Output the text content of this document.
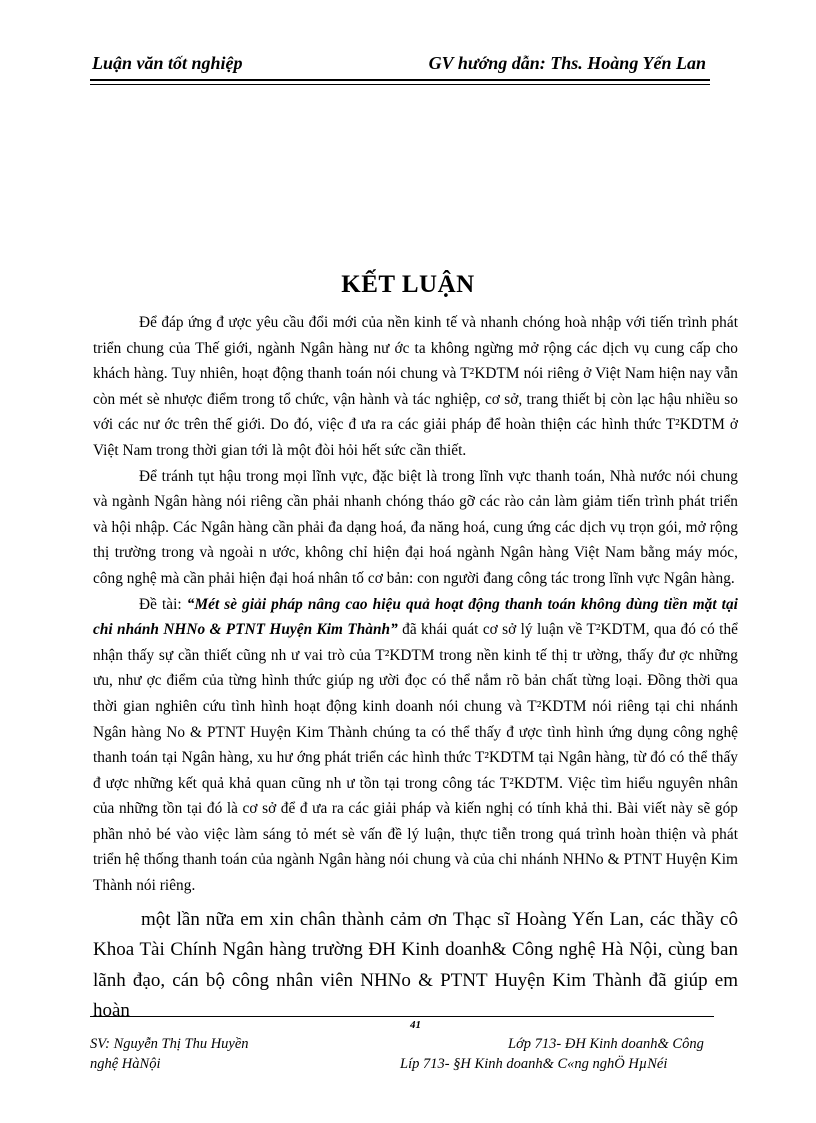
Luận văn tốt nghiệp	GV hướng dẫn: Ths. Hoàng Yến Lan
KẾT LUẬN

Để đáp ứng đ ược yêu cầu đổi mới của nền kinh tế và nhanh chóng hoà nhập với tiến trình phát triển chung của Thế giới, ngành Ngân hàng nư ớc ta không ngừng mở rộng các dịch vụ cung cấp cho khách hàng. Tuy nhiên, hoạt động thanh toán nói chung và T²KDTM nói riêng ở Việt Nam hiện nay vẫn còn mét sè nhược điểm trong tổ chức, vận hành và tác nghiệp, cơ sở, trang thiết bị còn lạc hậu nhiều so với các nư ớc trên thế giới. Do đó, việc đ ưa ra các giải pháp để hoàn thiện các hình thức T²KDTM ở Việt Nam trong thời gian tới là một đòi hỏi hết sức cần thiết.

Để tránh tụt hậu trong mọi lĩnh vực, đặc biệt là trong lĩnh vực thanh toán, Nhà nước nói chung và ngành Ngân hàng nói riêng cần phải nhanh chóng tháo gỡ các rào cản làm giảm tiến trình phát triển và hội nhập. Các Ngân hàng cần phải đa dạng hoá, đa năng hoá, cung ứng các dịch vụ trọn gói, mở rộng thị trường trong và ngoài n ước, không chỉ hiện đại hoá ngành Ngân hàng Việt Nam bằng máy móc, công nghệ mà cần phải hiện đại hoá nhân tố cơ bản: con người đang công tác trong lĩnh vực Ngân hàng.

Đề tài: “Mét sè giải pháp nâng cao hiệu quả hoạt động thanh toán không dùng tiền mặt tại chi nhánh NHNo & PTNT Huyện Kim Thành” đã khái quát cơ sở lý luận về T²KDTM, qua đó có thể nhận thấy sự cần thiết cũng nh ư vai trò của T²KDTM trong nền kinh tế thị tr ường, thấy đư ợc những ưu, như ợc điểm của từng hình thức giúp ng ười đọc có thể nắm rõ bản chất từng loại. Đồng thời qua thời gian nghiên cứu tình hình hoạt động kinh doanh nói chung và T²KDTM nói riêng tại chi nhánh Ngân hàng No & PTNT Huyện Kim Thành chúng ta có thể thấy đ ược tình hình ứng dụng công nghệ thanh toán tại Ngân hàng, xu hư ớng phát triển các hình thức T²KDTM tại Ngân hàng, từ đó có thể thấy đ ược những kết quả khả quan cũng nh ư tồn tại trong công tác T²KDTM. Việc tìm hiểu nguyên nhân của những tồn tại đó là cơ sở để đ ưa ra các giải pháp và kiến nghị có tính khả thi. Bài viết này sẽ góp phần nhỏ bé vào việc làm sáng tỏ mét sè vấn đề lý luận, thực tiễn trong quá trình hoàn thiện và phát triển hệ thống thanh toán của ngành Ngân hàng nói chung và của chi nhánh NHNo & PTNT Huyện Kim Thành nói riêng.

một lần nữa em xin chân thành cảm ơn Thạc sĩ Hoàng Yến Lan, các thầy cô Khoa Tài Chính Ngân hàng trường ĐH Kinh doanh& Công nghệ Hà Nội, cùng ban lãnh đạo, cán bộ công nhân viên NHNo & PTNT Huyện Kim Thành đã giúp em hoàn

41
SV: Nguyễn Thị Thu Huyền	Lớp 713- ĐH Kinh doanh& Công
nghệ HàNội	Líp 713- §H Kinh doanh& C«ng nghÖ HµNéi
